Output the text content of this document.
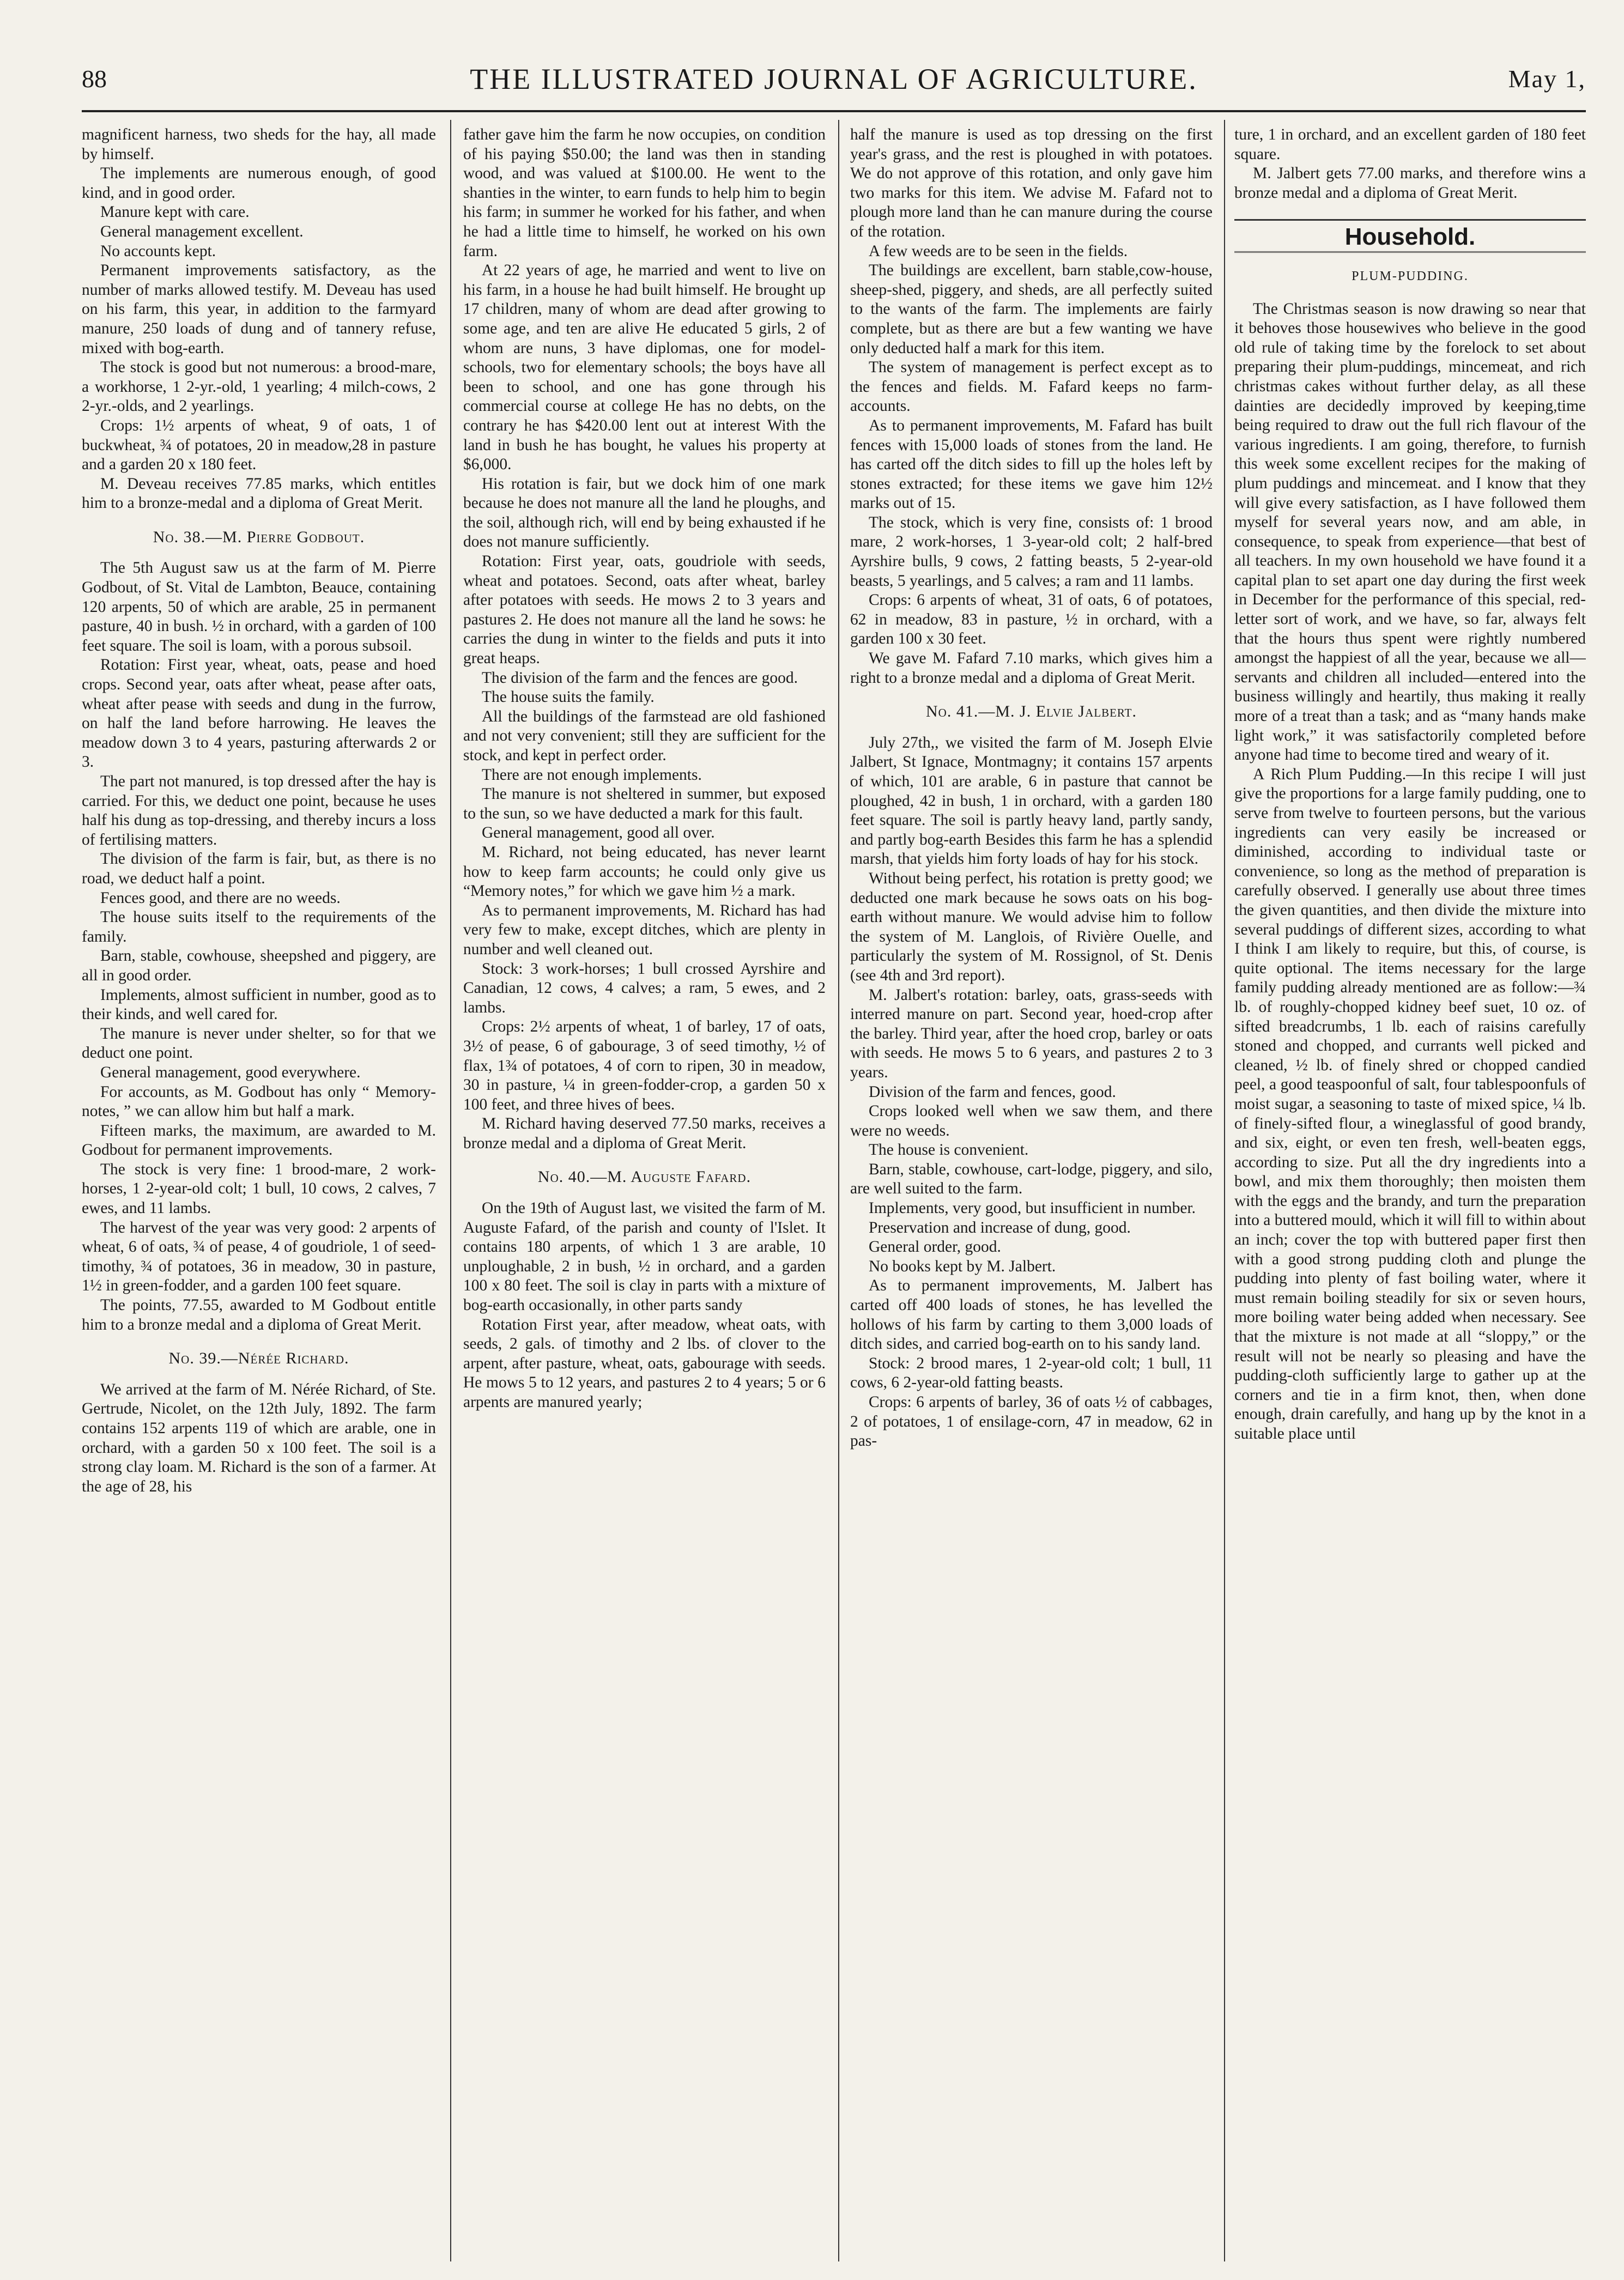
88	THE ILLUSTRATED JOURNAL OF AGRICULTURE.	May 1,

magnificent harness, two sheds for the hay, all made by himself.

The implements are numerous enough, of good kind, and in good order.

Manure kept with care.

General management excellent.

No accounts kept.

Permanent improvements satisfactory, as the number of marks allowed testify. M. Deveau has used on his farm, this year, in addition to the farmyard manure, 250 loads of dung and of tannery refuse, mixed with bog-earth.

The stock is good but not numerous: a brood-mare, a workhorse, 1 2-yr.-old, 1 yearling; 4 milch-cows, 2 2-yr.-olds, and 2 yearlings.

Crops: 1½ arpents of wheat, 9 of oats, 1 of buckwheat, ¾ of potatoes, 20 in meadow,28 in pasture and a garden 20 x 180 feet.

M. Deveau receives 77.85 marks, which entitles him to a bronze-medal and a diploma of Great Merit.

No. 38.—M. Pierre Godbout.

The 5th August saw us at the farm of M. Pierre Godbout, of St. Vital de Lambton, Beauce, containing 120 arpents, 50 of which are arable, 25 in permanent pasture, 40 in bush. ½ in orchard, with a garden of 100 feet square. The soil is loam, with a porous subsoil.

Rotation: First year, wheat, oats, pease and hoed crops. Second year, oats after wheat, pease after oats, wheat after pease with seeds and dung in the furrow, on half the land before harrowing. He leaves the meadow down 3 to 4 years, pasturing afterwards 2 or 3.

The part not manured, is top dressed after the hay is carried. For this, we deduct one point, because he uses half his dung as top-dressing, and thereby incurs a loss of fertilising matters.

The division of the farm is fair, but, as there is no road, we deduct half a point.

Fences good, and there are no weeds.

The house suits itself to the requirements of the family.

Barn, stable, cowhouse, sheepshed and piggery, are all in good order.

Implements, almost sufficient in number, good as to their kinds, and well cared for.

The manure is never under shelter, so for that we deduct one point.

General management, good everywhere.

For accounts, as M. Godbout has only “ Memory-notes, ” we can allow him but half a mark.

Fifteen marks, the maximum, are awarded to M. Godbout for permanent improvements.

The stock is very fine: 1 brood-mare, 2 work-horses, 1 2-year-old colt; 1 bull, 10 cows, 2 calves, 7 ewes, and 11 lambs.

The harvest of the year was very good: 2 arpents of wheat, 6 of oats, ¾ of pease, 4 of goudriole, 1 of seed-timothy, ¾ of potatoes, 36 in meadow, 30 in pasture, 1½ in green-fodder, and a garden 100 feet square.

The points, 77.55, awarded to M Godbout entitle him to a bronze medal and a diploma of Great Merit.

No. 39.—Nérée Richard.

We arrived at the farm of M. Nérée Richard, of Ste. Gertrude, Nicolet, on the 12th July, 1892. The farm contains 152 arpents 119 of which are arable, one in orchard, with a garden 50 x 100 feet. The soil is a strong clay loam. M. Richard is the son of a farmer. At the age of 28, his

father gave him the farm he now occupies, on condition of his paying $50.00; the land was then in standing wood, and was valued at $100.00. He went to the shanties in the winter, to earn funds to help him to begin his farm; in summer he worked for his father, and when he had a little time to himself, he worked on his own farm.

At 22 years of age, he married and went to live on his farm, in a house he had built himself. He brought up 17 children, many of whom are dead after growing to some age, and ten are alive He educated 5 girls, 2 of whom are nuns, 3 have diplomas, one for model-schools, two for elementary schools; the boys have all been to school, and one has gone through his commercial course at college He has no debts, on the contrary he has $420.00 lent out at interest With the land in bush he has bought, he values his property at $6,000.

His rotation is fair, but we dock him of one mark because he does not manure all the land he ploughs, and the soil, although rich, will end by being exhausted if he does not manure sufficiently.

Rotation: First year, oats, goudriole with seeds, wheat and potatoes. Second, oats after wheat, barley after potatoes with seeds. He mows 2 to 3 years and pastures 2. He does not manure all the land he sows: he carries the dung in winter to the fields and puts it into great heaps.

The division of the farm and the fences are good.

The house suits the family.

All the buildings of the farmstead are old fashioned and not very convenient; still they are sufficient for the stock, and kept in perfect order.

There are not enough implements.

The manure is not sheltered in summer, but exposed to the sun, so we have deducted a mark for this fault.

General management, good all over.

M. Richard, not being educated, has never learnt how to keep farm accounts; he could only give us “Memory notes,” for which we gave him ½ a mark.

As to permanent improvements, M. Richard has had very few to make, except ditches, which are plenty in number and well cleaned out.

Stock: 3 work-horses; 1 bull crossed Ayrshire and Canadian, 12 cows, 4 calves; a ram, 5 ewes, and 2 lambs.

Crops: 2½ arpents of wheat, 1 of barley, 17 of oats, 3½ of pease, 6 of gabourage, 3 of seed timothy, ½ of flax, 1¾ of potatoes, 4 of corn to ripen, 30 in meadow, 30 in pasture, ¼ in green-fodder-crop, a garden 50 x 100 feet, and three hives of bees.

M. Richard having deserved 77.50 marks, receives a bronze medal and a diploma of Great Merit.

No. 40.—M. Auguste Fafard.

On the 19th of August last, we visited the farm of M. Auguste Fafard, of the parish and county of l'Islet. It contains 180 arpents, of which 1 3 are arable, 10 unploughable, 2 in bush, ½ in orchard, and a garden 100 x 80 feet. The soil is clay in parts with a mixture of bog-earth occasionally, in other parts sandy

Rotation First year, after meadow, wheat oats, with seeds, 2 gals. of timothy and 2 lbs. of clover to the arpent, after pasture, wheat, oats, gabourage with seeds. He mows 5 to 12 years, and pastures 2 to 4 years; 5 or 6 arpents are manured yearly;

half the manure is used as top dressing on the first year's grass, and the rest is ploughed in with potatoes. We do not approve of this rotation, and only gave him two marks for this item. We advise M. Fafard not to plough more land than he can manure during the course of the rotation.

A few weeds are to be seen in the fields.

The buildings are excellent, barn stable,cow-house, sheep-shed, piggery, and sheds, are all perfectly suited to the wants of the farm. The implements are fairly complete, but as there are but a few wanting we have only deducted half a mark for this item.

The system of management is perfect except as to the fences and fields. M. Fafard keeps no farm-accounts.

As to permanent improvements, M. Fafard has built fences with 15,000 loads of stones from the land. He has carted off the ditch sides to fill up the holes left by stones extracted; for these items we gave him 12½ marks out of 15.

The stock, which is very fine, consists of: 1 brood mare, 2 work-horses, 1 3-year-old colt; 2 half-bred Ayrshire bulls, 9 cows, 2 fatting beasts, 5 2-year-old beasts, 5 yearlings, and 5 calves; a ram and 11 lambs.

Crops: 6 arpents of wheat, 31 of oats, 6 of potatoes, 62 in meadow, 83 in pasture, ½ in orchard, with a garden 100 x 30 feet.

We gave M. Fafard 7.10 marks, which gives him a right to a bronze medal and a diploma of Great Merit.

No. 41.—M. J. Elvie Jalbert.

July 27th,, we visited the farm of M. Joseph Elvie Jalbert, St Ignace, Montmagny; it contains 157 arpents of which, 101 are arable, 6 in pasture that cannot be ploughed, 42 in bush, 1 in orchard, with a garden 180 feet square. The soil is partly heavy land, partly sandy, and partly bog-earth Besides this farm he has a splendid marsh, that yields him forty loads of hay for his stock.

Without being perfect, his rotation is pretty good; we deducted one mark because he sows oats on his bog-earth without manure. We would advise him to follow the system of M. Langlois, of Rivière Ouelle, and particularly the system of M. Rossignol, of St. Denis (see 4th and 3rd report).

M. Jalbert's rotation: barley, oats, grass-seeds with interred manure on part. Second year, hoed-crop after the barley. Third year, after the hoed crop, barley or oats with seeds. He mows 5 to 6 years, and pastures 2 to 3 years.

Division of the farm and fences, good.

Crops looked well when we saw them, and there were no weeds.

The house is convenient.

Barn, stable, cowhouse, cart-lodge, piggery, and silo, are well suited to the farm.

Implements, very good, but insufficient in number.

Preservation and increase of dung, good.

General order, good.

No books kept by M. Jalbert.

As to permanent improvements, M. Jalbert has carted off 400 loads of stones, he has levelled the hollows of his farm by carting to them 3,000 loads of ditch sides, and carried bog-earth on to his sandy land.

Stock: 2 brood mares, 1 2-year-old colt; 1 bull, 11 cows, 6 2-year-old fatting beasts.

Crops: 6 arpents of barley, 36 of oats ½ of cabbages, 2 of potatoes, 1 of ensilage-corn, 47 in meadow, 62 in pas-

ture, 1 in orchard, and an excellent garden of 180 feet square.

M. Jalbert gets 77.00 marks, and therefore wins a bronze medal and a diploma of Great Merit.

Household.
PLUM-PUDDING.

The Christmas season is now drawing so near that it behoves those housewives who believe in the good old rule of taking time by the forelock to set about preparing their plum-puddings, mincemeat, and rich christmas cakes without further delay, as all these dainties are decidedly improved by keeping,time being required to draw out the full rich flavour of the various ingredients. I am going, therefore, to furnish this week some excellent recipes for the making of plum puddings and mincemeat. and I know that they will give every satisfaction, as I have followed them myself for several years now, and am able, in consequence, to speak from experience—that best of all teachers. In my own household we have found it a capital plan to set apart one day during the first week in December for the performance of this special, red-letter sort of work, and we have, so far, always felt that the hours thus spent were rightly numbered amongst the happiest of all the year, because we all—servants and children all included—entered into the business willingly and heartily, thus making it really more of a treat than a task; and as “many hands make light work,” it was satisfactorily completed before anyone had time to become tired and weary of it.

A Rich Plum Pudding.—In this recipe I will just give the proportions for a large family pudding, one to serve from twelve to fourteen persons, but the various ingredients can very easily be increased or diminished, according to individual taste or convenience, so long as the method of preparation is carefully observed. I generally use about three times the given quantities, and then divide the mixture into several puddings of different sizes, according to what I think I am likely to require, but this, of course, is quite optional. The items necessary for the large family pudding already mentioned are as follow:—¾ lb. of roughly-chopped kidney beef suet, 10 oz. of sifted breadcrumbs, 1 lb. each of raisins carefully stoned and chopped, and currants well picked and cleaned, ½ lb. of finely shred or chopped candied peel, a good teaspoonful of salt, four tablespoonfuls of moist sugar, a seasoning to taste of mixed spice, ¼ lb. of finely-sifted flour, a wineglassful of good brandy, and six, eight, or even ten fresh, well-beaten eggs, according to size. Put all the dry ingredients into a bowl, and mix them thoroughly; then moisten them with the eggs and the brandy, and turn the preparation into a buttered mould, which it will fill to within about an inch; cover the top with buttered paper first then with a good strong pudding cloth and plunge the pudding into plenty of fast boiling water, where it must remain boiling steadily for six or seven hours, more boiling water being added when necessary. See that the mixture is not made at all “sloppy,” or the result will not be nearly so pleasing and have the pudding-cloth sufficiently large to gather up at the corners and tie in a firm knot, then, when done enough, drain carefully, and hang up by the knot in a suitable place until
